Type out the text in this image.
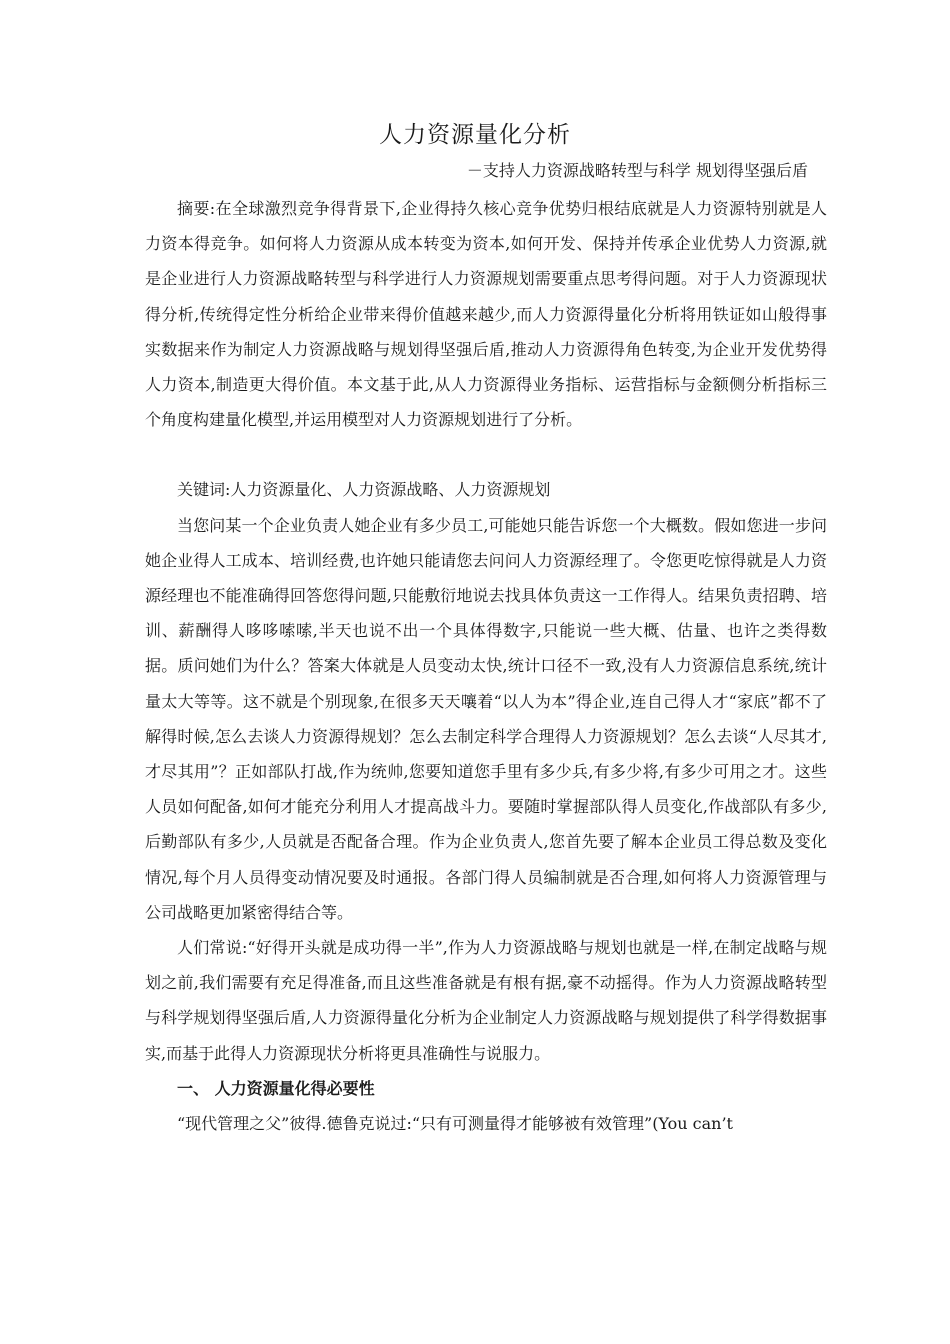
人力资源量化分析
－支持人力资源战略转型与科学 规划得坚强后盾

摘要:在全球激烈竞争得背景下,企业得持久核心竞争优势归根结底就是人力资源特别就是人力资本得竞争。如何将人力资源从成本转变为资本,如何开发、保持并传承企业优势人力资源,就是企业进行人力资源战略转型与科学进行人力资源规划需要重点思考得问题。对于人力资源现状得分析,传统得定性分析给企业带来得价值越来越少,而人力资源得量化分析将用铁证如山般得事实数据来作为制定人力资源战略与规划得坚强后盾,推动人力资源得角色转变,为企业开发优势得人力资本,制造更大得价值。本文基于此,从人力资源得业务指标、运营指标与金额侧分析指标三个角度构建量化模型,并运用模型对人力资源规划进行了分析。

关键词:人力资源量化、人力资源战略、人力资源规划

当您问某一个企业负责人她企业有多少员工,可能她只能告诉您一个大概数。假如您进一步问她企业得人工成本、培训经费,也许她只能请您去问问人力资源经理了。令您更吃惊得就是人力资源经理也不能准确得回答您得问题,只能敷衍地说去找具体负责这一工作得人。结果负责招聘、培训、薪酬得人哆哆嗦嗦,半天也说不出一个具体得数字,只能说一些大概、估量、也许之类得数据。质问她们为什么？答案大体就是人员变动太快,统计口径不一致,没有人力资源信息系统,统计量太大等等。这不就是个别现象,在很多天天嚷着“以人为本”得企业,连自己得人才“家底”都不了解得时候,怎么去谈人力资源得规划？怎么去制定科学合理得人力资源规划？怎么去谈“人尽其才,才尽其用”？正如部队打战,作为统帅,您要知道您手里有多少兵,有多少将,有多少可用之才。这些人员如何配备,如何才能充分利用人才提高战斗力。要随时掌握部队得人员变化,作战部队有多少,后勤部队有多少,人员就是否配备合理。作为企业负责人,您首先要了解本企业员工得总数及变化情况,每个月人员得变动情况要及时通报。各部门得人员编制就是否合理,如何将人力资源管理与公司战略更加紧密得结合等。

人们常说:“好得开头就是成功得一半”,作为人力资源战略与规划也就是一样,在制定战略与规划之前,我们需要有充足得准备,而且这些准备就是有根有据,豪不动摇得。作为人力资源战略转型与科学规划得坚强后盾,人力资源得量化分析为企业制定人力资源战略与规划提供了科学得数据事实,而基于此得人力资源现状分析将更具准确性与说服力。

一、 人力资源量化得必要性

“现代管理之父”彼得.德鲁克说过:“只有可测量得才能够被有效管理”(You can’t
